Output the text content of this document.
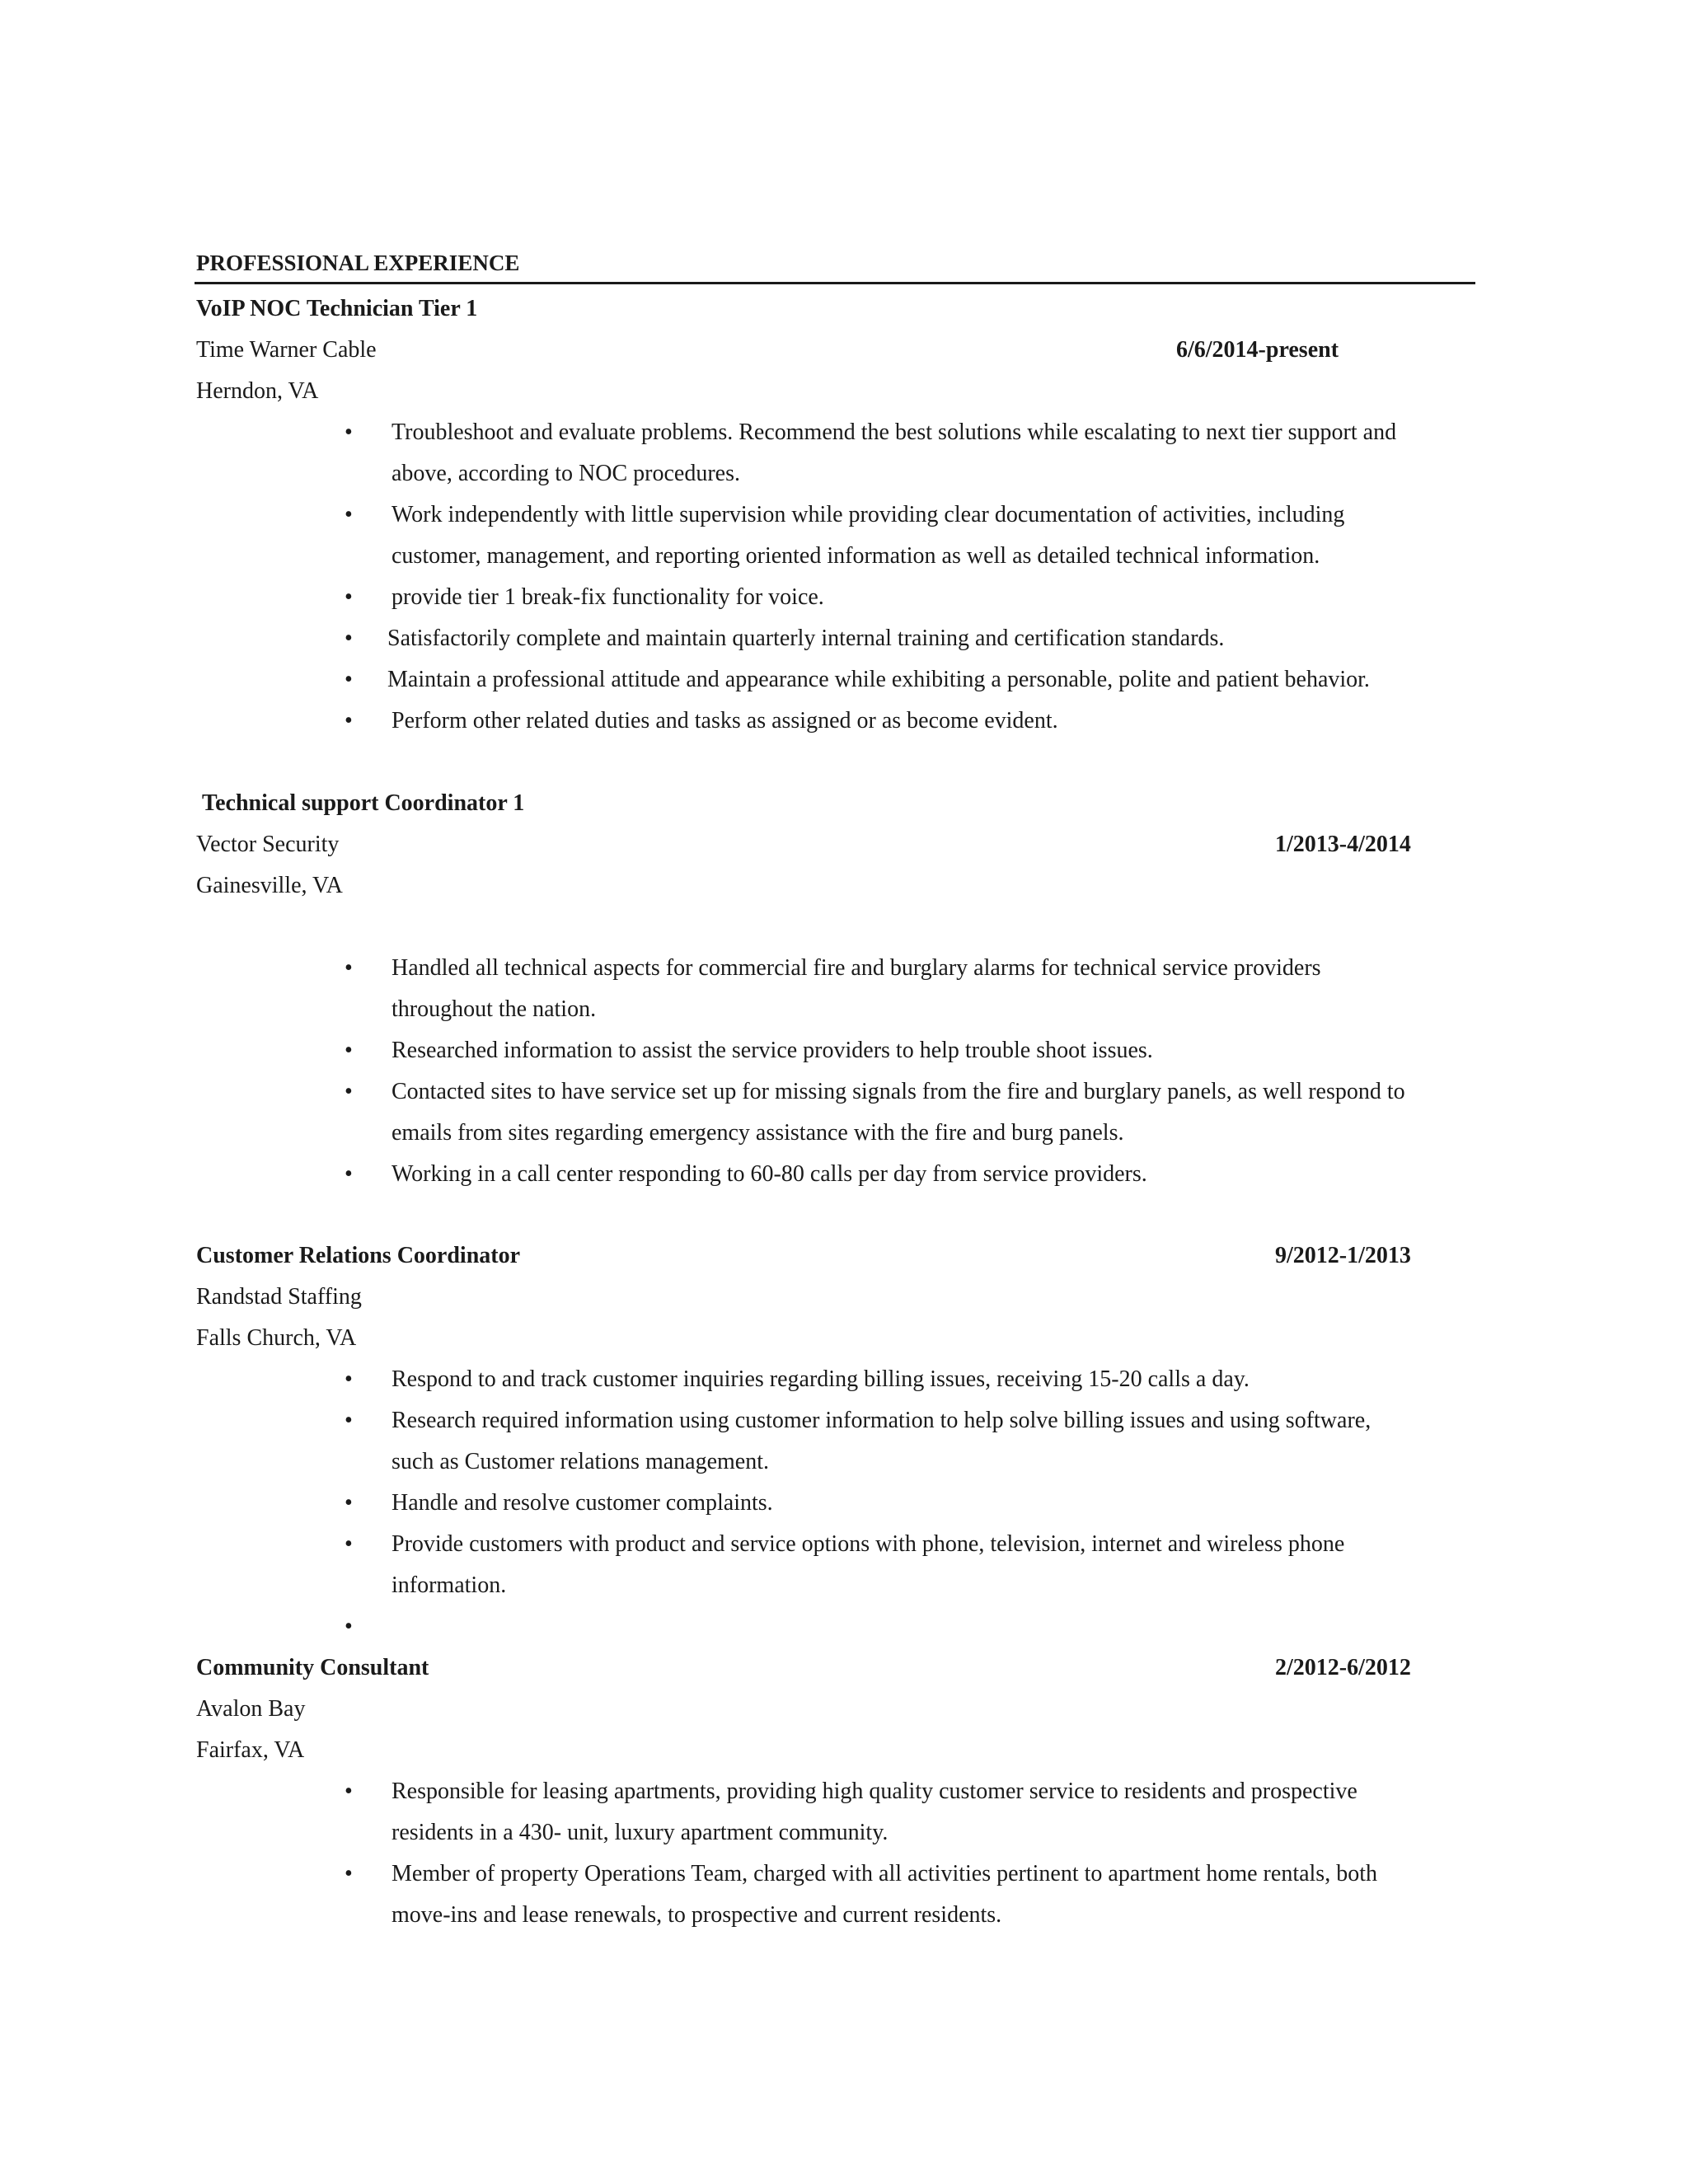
PROFESSIONAL EXPERIENCE
VoIP NOC Technician Tier 1
Time Warner Cable	6/6/2014-present
Herndon, VA
• Troubleshoot and evaluate problems. Recommend the best solutions while escalating to next tier support and
above, according to NOC procedures.
• Work independently with little supervision while providing clear documentation of activities, including
customer, management, and reporting oriented information as well as detailed technical information.
• provide tier 1 break-fix functionality for voice.
• Satisfactorily complete and maintain quarterly internal training and certification standards.
• Maintain a professional attitude and appearance while exhibiting a personable, polite and patient behavior.
• Perform other related duties and tasks as assigned or as become evident.
Technical support Coordinator 1
Vector Security	1/2013-4/2014
Gainesville, VA
• Handled all technical aspects for commercial fire and burglary alarms for technical service providers
throughout the nation.
• Researched information to assist the service providers to help trouble shoot issues.
• Contacted sites to have service set up for missing signals from the fire and burglary panels, as well respond to
emails from sites regarding emergency assistance with the fire and burg panels.
• Working in a call center responding to 60-80 calls per day from service providers.
Customer Relations Coordinator	9/2012-1/2013
Randstad Staffing
Falls Church, VA
• Respond to and track customer inquiries regarding billing issues, receiving 15-20 calls a day.
• Research required information using customer information to help solve billing issues and using software,
such as Customer relations management.
• Handle and resolve customer complaints.
• Provide customers with product and service options with phone, television, internet and wireless phone
information.
•
Community Consultant	2/2012-6/2012
Avalon Bay
Fairfax, VA
• Responsible for leasing apartments, providing high quality customer service to residents and prospective
residents in a 430- unit, luxury apartment community.
• Member of property Operations Team, charged with all activities pertinent to apartment home rentals, both
move-ins and lease renewals, to prospective and current residents.
